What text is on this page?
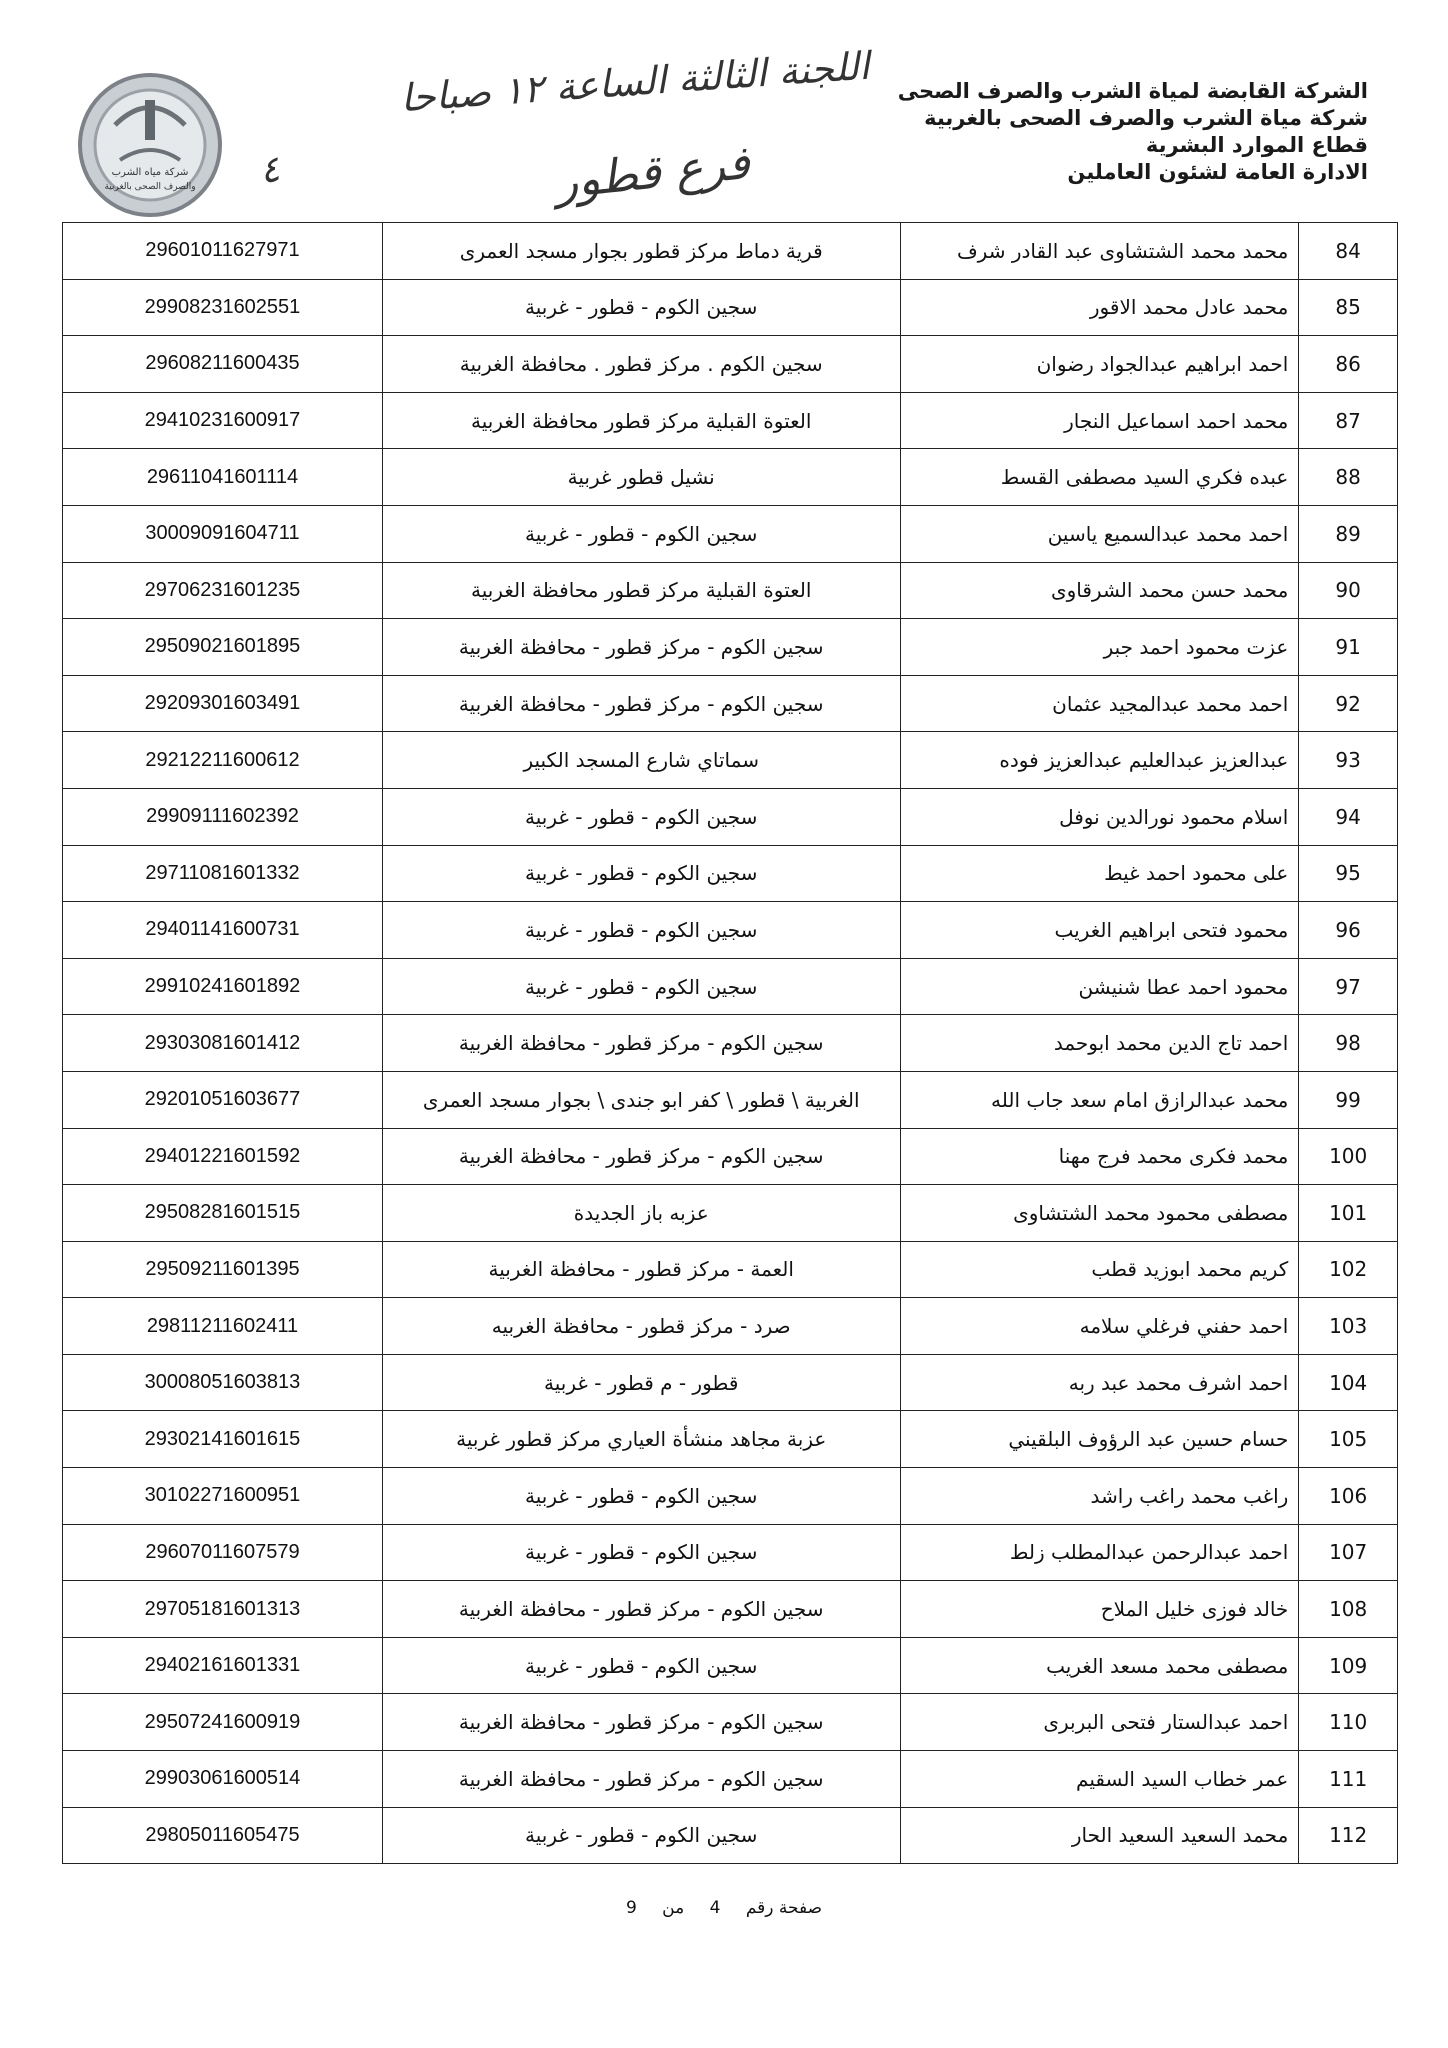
الشركة القابضة لمياة الشرب والصرف الصحى
شركة مياة الشرب والصرف الصحى بالغربية
قطاع الموارد البشرية
الادارة العامة لشئون العاملين
شركة مياه الشرب
والصرف الصحى بالغربية
اللجنة الثالثة الساعة ١٢ صباحا
فرع قطور
٤
84	محمد محمد الشتشاوى عبد القادر شرف	قرية دماط مركز قطور بجوار مسجد العمرى	29601011627971
85	محمد عادل محمد الاقور	سجين الكوم - قطور - غربية	29908231602551
86	احمد ابراهيم عبدالجواد رضوان	سجين الكوم . مركز قطور . محافظة الغربية	29608211600435
87	محمد احمد اسماعيل النجار	العتوة القبلية مركز قطور محافظة الغربية	29410231600917
88	عبده فكري السيد مصطفى القسط	نشيل قطور غربية	29611041601114
89	احمد محمد عبدالسميع ياسين	سجين الكوم - قطور - غربية	30009091604711
90	محمد حسن محمد الشرقاوى	العتوة القبلية مركز قطور محافظة الغربية	29706231601235
91	عزت محمود احمد جبر	سجين الكوم - مركز قطور - محافظة الغربية	29509021601895
92	احمد محمد عبدالمجيد عثمان	سجين الكوم - مركز قطور - محافظة الغربية	29209301603491
93	عبدالعزيز عبدالعليم عبدالعزيز فوده	سماتاي شارع المسجد الكبير	29212211600612
94	اسلام محمود نورالدين نوفل	سجين الكوم - قطور - غربية	29909111602392
95	على محمود احمد غيط	سجين الكوم - قطور - غربية	29711081601332
96	محمود فتحى ابراهيم الغريب	سجين الكوم - قطور - غربية	29401141600731
97	محمود احمد عطا شنيشن	سجين الكوم - قطور - غربية	29910241601892
98	احمد تاج الدين محمد ابوحمد	سجين الكوم - مركز قطور - محافظة الغربية	29303081601412
99	محمد عبدالرازق امام سعد جاب الله	الغربية \ قطور \ كفر ابو جندى \ بجوار مسجد العمرى	29201051603677
100	محمد فكرى محمد فرج مهنا	سجين الكوم - مركز قطور - محافظة الغربية	29401221601592
101	مصطفى محمود محمد الشتشاوى	عزبه باز الجديدة	29508281601515
102	كريم محمد ابوزيد قطب	العمة - مركز قطور - محافظة الغربية	29509211601395
103	احمد حفني فرغلي سلامه	صرد - مركز قطور - محافظة الغربيه	29811211602411
104	احمد اشرف محمد عبد ربه	قطور - م قطور - غربية	30008051603813
105	حسام حسين عبد الرؤوف البلقيني	عزبة مجاهد منشأة العياري مركز قطور غربية	29302141601615
106	راغب محمد راغب راشد	سجين الكوم - قطور - غربية	30102271600951
107	احمد عبدالرحمن عبدالمطلب زلط	سجين الكوم - قطور - غربية	29607011607579
108	خالد فوزى خليل الملاح	سجين الكوم - مركز قطور - محافظة الغربية	29705181601313
109	مصطفى محمد مسعد الغريب	سجين الكوم - قطور - غربية	29402161601331
110	احمد عبدالستار فتحى البربرى	سجين الكوم - مركز قطور - محافظة الغربية	29507241600919
111	عمر خطاب السيد السقيم	سجين الكوم - مركز قطور - محافظة الغربية	29903061600514
112	محمد السعيد السعيد الحار	سجين الكوم - قطور - غربية	29805011605475
صفحة رقم 4 من 9
